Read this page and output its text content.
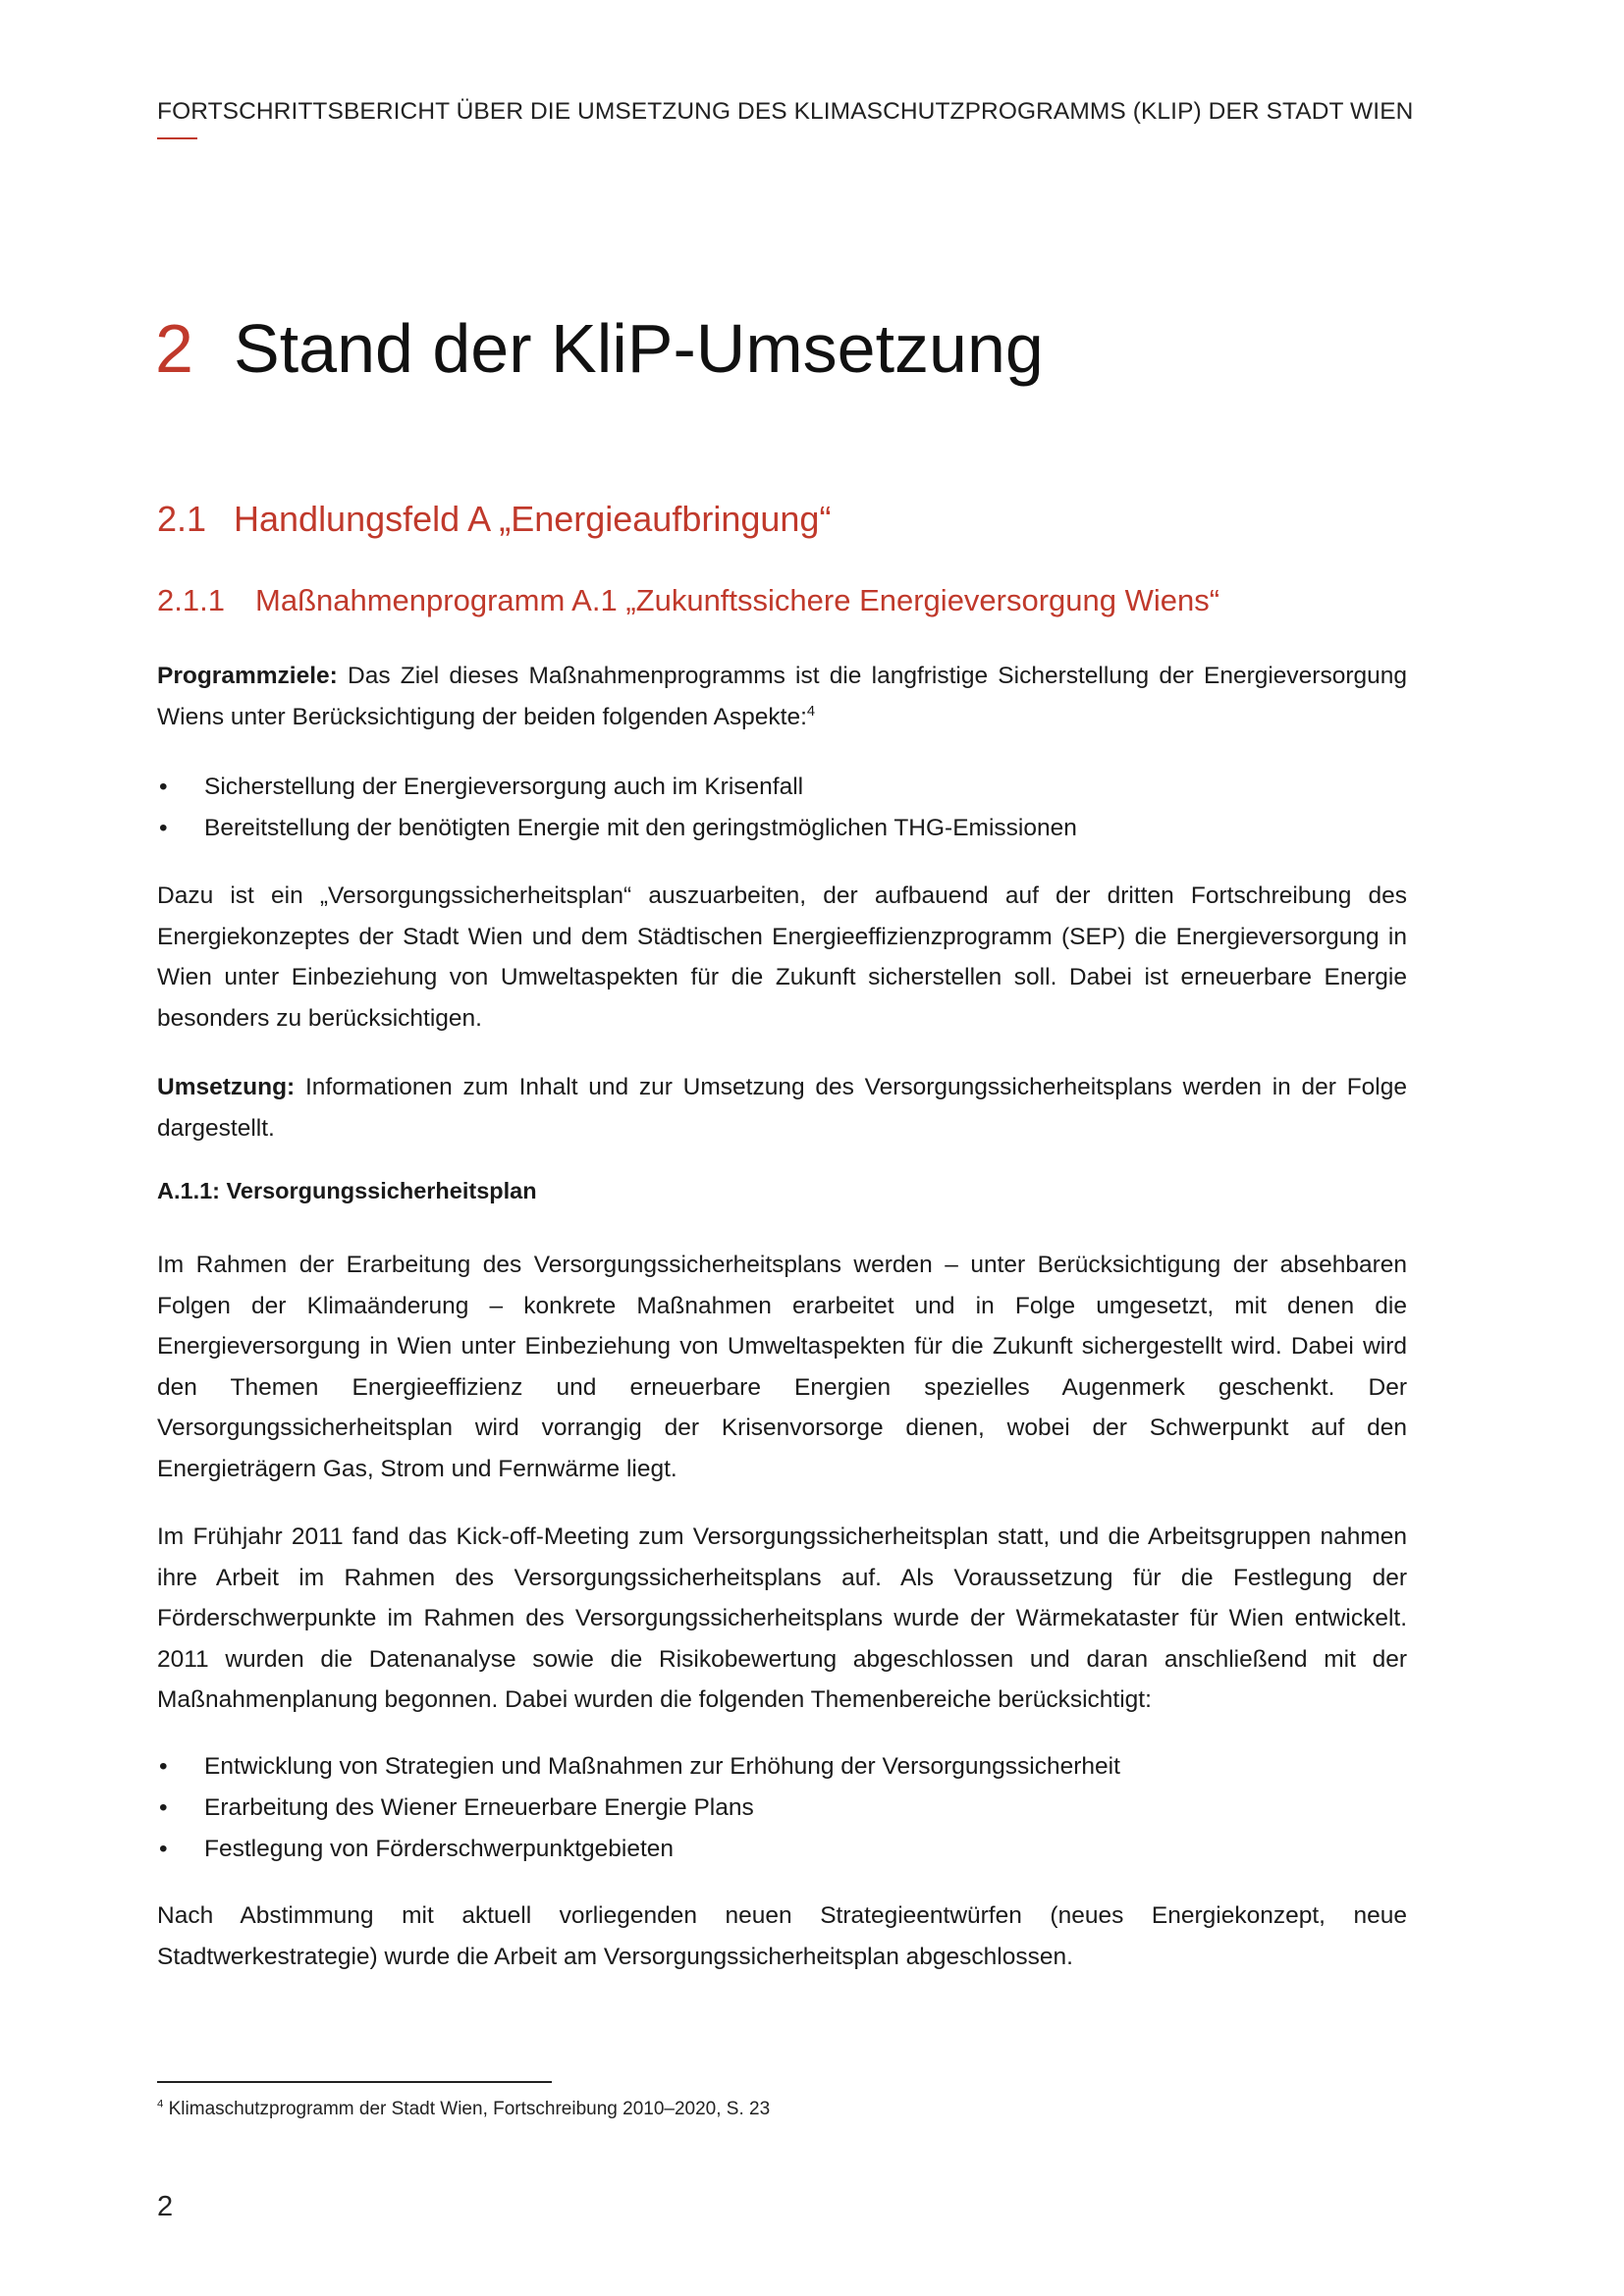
FORTSCHRITTSBERICHT ÜBER DIE UMSETZUNG DES KLIMASCHUTZPROGRAMMS (KLIP) DER STADT WIEN
2 Stand der KliP-Umsetzung
2.1 Handlungsfeld A „Energieaufbringung“
2.1.1 Maßnahmenprogramm A.1 „Zukunftssichere Energieversorgung Wiens“
Programmziele: Das Ziel dieses Maßnahmenprogramms ist die langfristige Sicherstellung der Energieversorgung Wiens unter Berücksichtigung der beiden folgenden Aspekte:$^4$
• Sicherstellung der Energieversorgung auch im Krisenfall
• Bereitstellung der benötigten Energie mit den geringstmöglichen THG-Emissionen
Dazu ist ein „Versorgungssicherheitsplan“ auszuarbeiten, der aufbauend auf der dritten Fortschreibung des Energiekonzeptes der Stadt Wien und dem Städtischen Energieeffizienzprogramm (SEP) die Energieversorgung in Wien unter Einbeziehung von Umweltaspekten für die Zukunft sicherstellen soll. Dabei ist erneuerbare Energie besonders zu berücksichtigen.
Umsetzung: Informationen zum Inhalt und zur Umsetzung des Versorgungssicherheitsplans werden in der Folge dargestellt.
A.1.1: Versorgungssicherheitsplan
Im Rahmen der Erarbeitung des Versorgungssicherheitsplans werden – unter Berücksichtigung der absehbaren Folgen der Klimaänderung – konkrete Maßnahmen erarbeitet und in Folge umgesetzt, mit denen die Energieversorgung in Wien unter Einbeziehung von Umweltaspekten für die Zukunft sichergestellt wird. Dabei wird den Themen Energieeffizienz und erneuerbare Energien spezielles Augenmerk geschenkt. Der Versorgungssicherheitsplan wird vorrangig der Krisenvorsorge dienen, wobei der Schwerpunkt auf den Energieträgern Gas, Strom und Fernwärme liegt.
Im Frühjahr 2011 fand das Kick-off-Meeting zum Versorgungssicherheitsplan statt, und die Arbeitsgruppen nahmen ihre Arbeit im Rahmen des Versorgungssicherheitsplans auf. Als Voraussetzung für die Festlegung der Förderschwerpunkte im Rahmen des Versorgungssicherheitsplans wurde der Wärmekataster für Wien entwickelt. 2011 wurden die Datenanalyse sowie die Risikobewertung abgeschlossen und daran anschließend mit der Maßnahmenplanung begonnen. Dabei wurden die folgenden Themenbereiche berücksichtigt:
• Entwicklung von Strategien und Maßnahmen zur Erhöhung der Versorgungssicherheit
• Erarbeitung des Wiener Erneuerbare Energie Plans
• Festlegung von Förderschwerpunktgebieten
Nach Abstimmung mit aktuell vorliegenden neuen Strategieentwürfen (neues Energiekonzept, neue Stadtwerkestrategie) wurde die Arbeit am Versorgungssicherheitsplan abgeschlossen.
$^4$ Klimaschutzprogramm der Stadt Wien, Fortschreibung 2010–2020, S. 23
2
